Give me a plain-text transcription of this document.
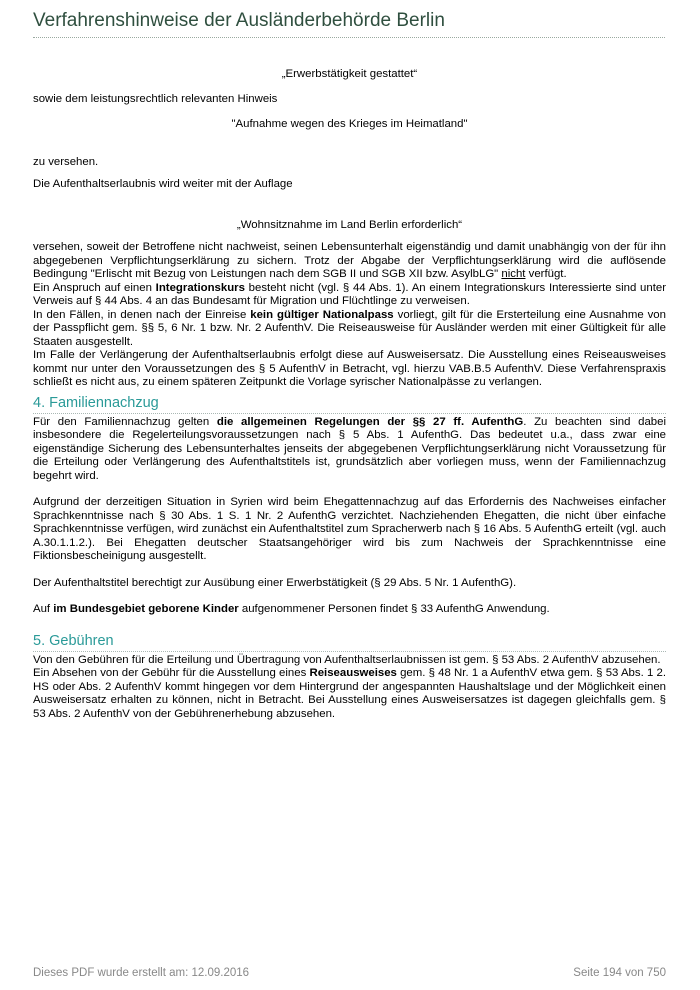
Verfahrenshinweise der Ausländerbehörde Berlin

„Erwerbstätigkeit gestattet“

sowie dem leistungsrechtlich relevanten Hinweis

"Aufnahme wegen des Krieges im Heimatland"

zu versehen.

Die Aufenthaltserlaubnis wird weiter mit der Auflage

„Wohnsitznahme im Land Berlin erforderlich“

versehen, soweit der Betroffene nicht nachweist, seinen Lebensunterhalt eigenständig und damit unabhängig von der für ihn abgegebenen Verpflichtungserklärung zu sichern. Trotz der Abgabe der Verpflichtungserklärung wird die auflösende Bedingung "Erlischt mit Bezug von Leistungen nach dem SGB II und SGB XII bzw. AsylbLG" nicht verfügt.

Ein Anspruch auf einen Integrationskurs besteht nicht (vgl. § 44 Abs. 1). An einem Integrationskurs Interessierte sind unter Verweis auf § 44 Abs. 4 an das Bundesamt für Migration und Flüchtlinge zu verweisen.

In den Fällen, in denen nach der Einreise kein gültiger Nationalpass vorliegt, gilt für die Ersterteilung eine Ausnahme von der Passpflicht gem. §§ 5, 6 Nr. 1 bzw. Nr. 2 AufenthV. Die Reiseausweise für Ausländer werden mit einer Gültigkeit für alle Staaten ausgestellt.

Im Falle der Verlängerung der Aufenthaltserlaubnis erfolgt diese auf Ausweisersatz. Die Ausstellung eines Reiseausweises kommt nur unter den Voraussetzungen des § 5 AufenthV in Betracht, vgl. hierzu VAB.B.5 AufenthV. Diese Verfahrenspraxis schließt es nicht aus, zu einem späteren Zeitpunkt die Vorlage syrischer Nationalpässe zu verlangen.

4. Familiennachzug

Für den Familiennachzug gelten die allgemeinen Regelungen der §§ 27 ff. AufenthG. Zu beachten sind dabei insbesondere die Regelerteilungsvoraussetzungen nach § 5 Abs. 1 AufenthG. Das bedeutet u.a., dass zwar eine eigenständige Sicherung des Lebensunterhaltes jenseits der abgegebenen Verpflichtungserklärung nicht Voraussetzung für die Erteilung oder Verlängerung des Aufenthaltstitels ist, grundsätzlich aber vorliegen muss, wenn der Familiennachzug begehrt wird.

Aufgrund der derzeitigen Situation in Syrien wird beim Ehegattennachzug auf das Erfordernis des Nachweises einfacher Sprachkenntnisse nach § 30 Abs. 1 S. 1 Nr. 2 AufenthG verzichtet. Nachziehenden Ehegatten, die nicht über einfache Sprachkenntnisse verfügen, wird zunächst ein Aufenthaltstitel zum Spracherwerb nach § 16 Abs. 5 AufenthG erteilt (vgl. auch A.30.1.1.2.). Bei Ehegatten deutscher Staatsangehöriger wird bis zum Nachweis der Sprachkenntnisse eine Fiktionsbescheinigung ausgestellt.

Der Aufenthaltstitel berechtigt zur Ausübung einer Erwerbstätigkeit (§ 29 Abs. 5 Nr. 1 AufenthG).

Auf im Bundesgebiet geborene Kinder aufgenommener Personen findet § 33 AufenthG Anwendung.

5. Gebühren

Von den Gebühren für die Erteilung und Übertragung von Aufenthaltserlaubnissen ist gem. § 53 Abs. 2 AufenthV abzusehen.

Ein Absehen von der Gebühr für die Ausstellung eines Reiseausweises gem. § 48 Nr. 1 a AufenthV etwa gem. § 53 Abs. 1 2. HS oder Abs. 2 AufenthV kommt hingegen vor dem Hintergrund der angespannten Haushaltslage und der Möglichkeit einen Ausweisersatz erhalten zu können, nicht in Betracht. Bei Ausstellung eines Ausweisersatzes ist dagegen gleichfalls gem. § 53 Abs. 2 AufenthV von der Gebührenerhebung abzusehen.

Dieses PDF wurde erstellt am: 12.09.2016	Seite 194 von 750
